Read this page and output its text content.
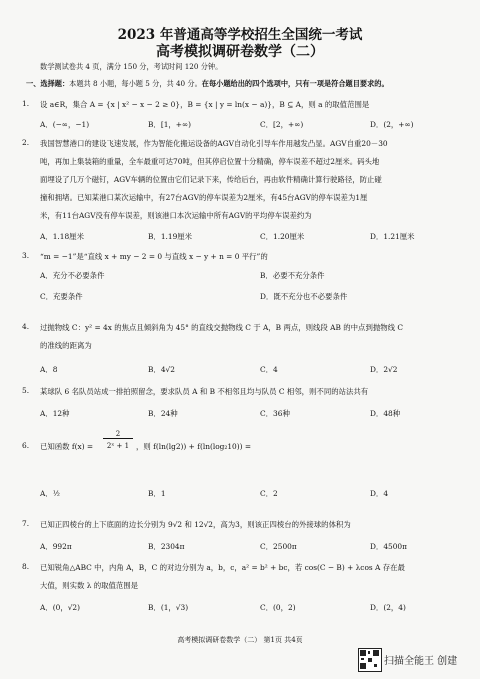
2023 年普通高等学校招生全国统一考试
高考模拟调研卷数学（二）
数学测试卷共 4 页，满分 150 分，考试时间 120 分钟。
一、选择题：本题共 8 小题，每小题 5 分，共 40 分。在每小题给出的四个选项中，只有一项是符合题目要求的。
1. 设 a∈R，集合 A = {x | x² − x − 2 ≥ 0}，B = {x | y = ln(x − a)}，B ⊆ A，则 a 的取值范围是
A．(−∞，−1)	B．[1，+∞)	C．[2，+∞)	D．(2，+∞)
2. 我国智慧港口的建设飞速发展，作为智能化搬运设备的AGV自动化引导车作用越发凸显。AGV自重20－30
吨，再加上集装箱的重量，全车最重可达70吨，但其停启位置十分精确，停车误差不超过2厘米。码头地
面埋设了几万个磁钉，AGV车辆的位置由它们记录下来，传给后台，再由软件精确计算行驶路径，防止碰
撞和拥堵。已知某港口某次运输中，有27台AGV的停车误差为2厘米，有45台AGV的停车误差为1厘
米，有11台AGV没有停车误差，则该港口本次运输中所有AGV的平均停车误差约为
A．1.18厘米	B．1.19厘米	C．1.20厘米	D．1.21厘米
3. “m = −1”是“直线 x + my − 2 = 0 与直线 x − y + n = 0 平行”的
A．充分不必要条件	B．必要不充分条件
C．充要条件	D．既不充分也不必要条件
4. 过抛物线 C：y² = 4x 的焦点且倾斜角为 45° 的直线交抛物线 C 于 A，B 两点，则线段 AB 的中点到抛物线 C
的准线的距离为
A．8	B．4√2	C．4	D．2√2
5. 某球队 6 名队员站成一排拍照留念，要求队员 A 和 B 不相邻且均与队员 C 相邻，则不同的站法共有
A．12种	B．24种	C．36种	D．48种
6. 已知函数 f(x) =
2
2ˣ + 1 ，则 f(ln(lg2)) + f(ln(log₂10)) =
A．½	B．1	C．2	D．4
7. 已知正四棱台的上下底面的边长分别为 9√2 和 12√2，高为3，则该正四棱台的外接球的体积为
A．992π	B．2304π	C．2500π	D．4500π
8. 已知锐角△ABC 中，内角 A，B，C 的对边分别为 a，b，c，a² = b² + bc，若 cos(C − B) + λcos A 存在最
大值，则实数 λ 的取值范围是
A．(0，√2)	B．(1，√3)	C．(0，2)	D．(2，4)
高考模拟调研卷数学（二） 第1页 共4页
扫描全能王 创建
